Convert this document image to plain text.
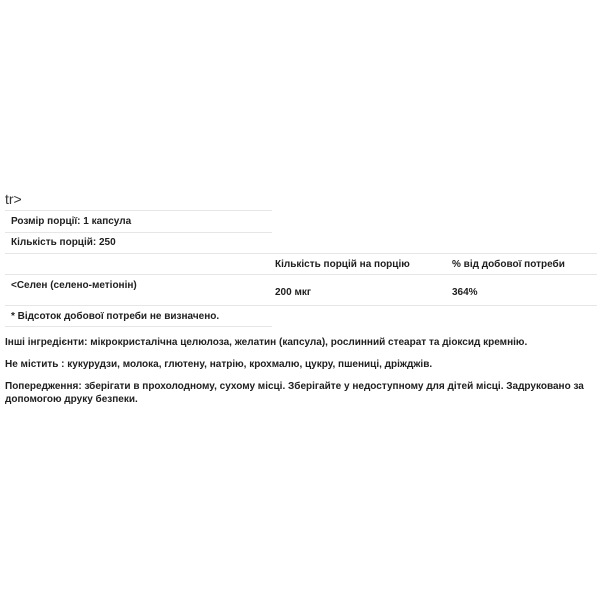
tr>
Розмір порції: 1 капсула
Кількість порцій: 250
Кількість порцій на порцію	% від добової потреби
<Селен (селено-метіонін)
200 мкг	364%
* Відсоток добової потреби не визначено.
Інші інгредієнти: мікрокристалічна целюлоза, желатин (капсула), рослинний стеарат та діоксид кремнію.
Не містить : кукурудзи, молока, глютену, натрію, крохмалю, цукру, пшениці, дріжджів.
Попередження: зберігати в прохолодному, сухому місці. Зберігайте у недоступному для дітей місці. Задруковано за
допомогою друку безпеки.
